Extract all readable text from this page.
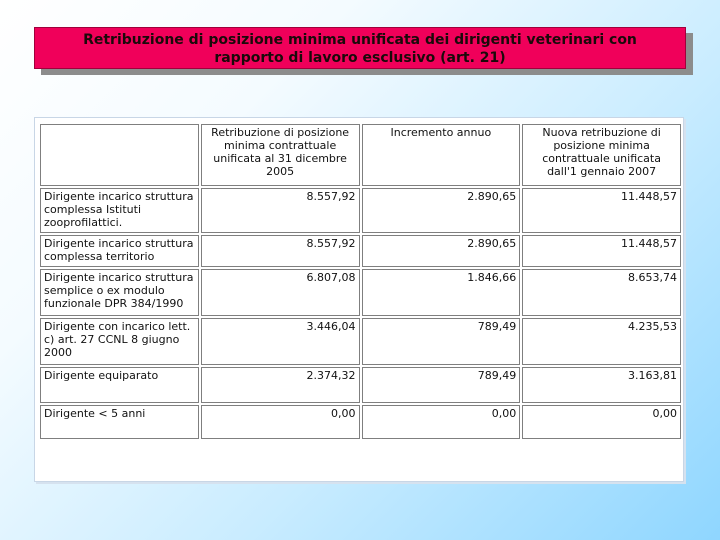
Retribuzione di posizione minima unificata dei dirigenti veterinari con
rapporto di lavoro esclusivo (art. 21)
	Retribuzione di posizione minima contrattuale unificata al 31 dicembre 2005	Incremento annuo	Nuova retribuzione di posizione minima contrattuale unificata dall'1 gennaio 2007
Dirigente incarico struttura complessa Istituti zooprofilattici.	8.557,92	2.890,65	11.448,57
Dirigente incarico struttura complessa territorio	8.557,92	2.890,65	11.448,57
Dirigente incarico struttura semplice o ex modulo funzionale DPR 384/1990	6.807,08	1.846,66	8.653,74
Dirigente con incarico lett. c) art. 27 CCNL 8 giugno 2000	3.446,04	789,49	4.235,53
Dirigente equiparato	2.374,32	789,49	3.163,81
Dirigente < 5 anni	0,00	0,00	0,00
